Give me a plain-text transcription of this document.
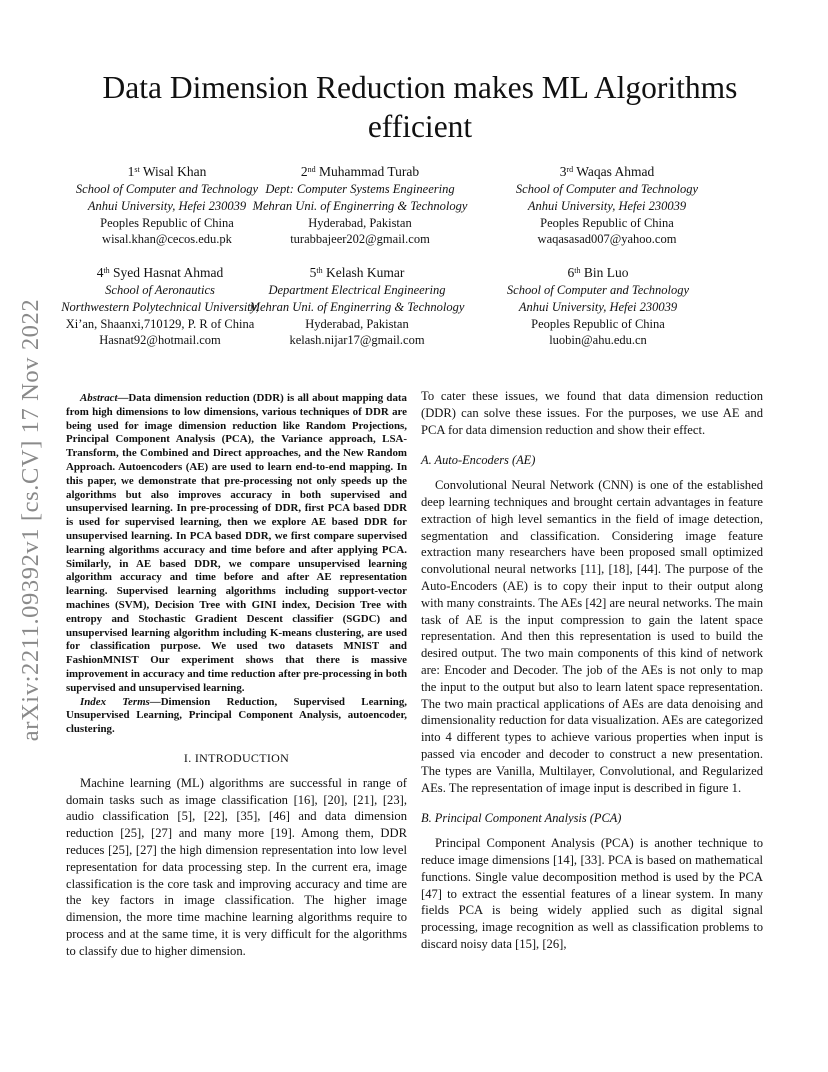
arXiv:2211.09392v1 [cs.CV] 17 Nov 2022
Data Dimension Reduction makes ML Algorithms
efficient
1st Wisal Khan
School of Computer and Technology
Anhui University, Hefei 230039
Peoples Republic of China
wisal.khan@cecos.edu.pk
2nd Muhammad Turab
Dept: Computer Systems Engineering
Mehran Uni. of Enginerring & Technology
Hyderabad, Pakistan
turabbajeer202@gmail.com
3rd Waqas Ahmad
School of Computer and Technology
Anhui University, Hefei 230039
Peoples Republic of China
waqasasad007@yahoo.com
4th Syed Hasnat Ahmad
School of Aeronautics
Northwestern Polytechnical University,
Xi’an, Shaanxi,710129, P. R of China
Hasnat92@hotmail.com
5th Kelash Kumar
Department Electrical Engineering
Mehran Uni. of Enginerring & Technology
Hyderabad, Pakistan
kelash.nijar17@gmail.com
6th Bin Luo
School of Computer and Technology
Anhui University, Hefei 230039
Peoples Republic of China
luobin@ahu.edu.cn

Abstract—Data dimension reduction (DDR) is all about mapping data from high dimensions to low dimensions, various techniques of DDR are being used for image dimension reduction like Random Projections, Principal Component Analysis (PCA), the Variance approach, LSA-Transform, the Combined and Direct approaches, and the New Random Approach. Autoencoders (AE) are used to learn end-to-end mapping. In this paper, we demonstrate that pre-processing not only speeds up the algorithms but also improves accuracy in both supervised and unsupervised learning. In pre-processing of DDR, first PCA based DDR is used for supervised learning, then we explore AE based DDR for unsupervised learning. In PCA based DDR, we first compare supervised learning algorithms accuracy and time before and after applying PCA. Similarly, in AE based DDR, we compare unsupervised learning algorithm accuracy and time before and after AE representation learning. Supervised learning algorithms including support-vector machines (SVM), Decision Tree with GINI index, Decision Tree with entropy and Stochastic Gradient Descent classifier (SGDC) and unsupervised learning algorithm including K-means clustering, are used for classification purpose. We used two datasets MNIST and FashionMNIST Our experiment shows that there is massive improvement in accuracy and time reduction after pre-processing in both supervised and unsupervised learning.

Index Terms—Dimension Reduction, Supervised Learning, Unsupervised Learning, Principal Component Analysis, autoencoder, clustering.

I. INTRODUCTION

Machine learning (ML) algorithms are successful in range of domain tasks such as image classification [16], [20], [21], [23], audio classification [5], [22], [35], [46] and data dimension reduction [25], [27] and many more [19]. Among them, DDR reduces [25], [27] the high dimension representation into low level representation for data processing step. In the current era, image classification is the core task and improving accuracy and time are the key factors in image classification. The higher image dimension, the more time machine learning algorithms require to process and at the same time, it is very difficult for the algorithms to classify due to higher dimension.

To cater these issues, we found that data dimension reduction (DDR) can solve these issues. For the purposes, we use AE and PCA for data dimension reduction and show their effect.

A. Auto-Encoders (AE)

Convolutional Neural Network (CNN) is one of the established deep learning techniques and brought certain advantages in feature extraction of high level semantics in the field of image detection, segmentation and classification. Considering image feature extraction many researchers have been proposed small optimized convolutional neural networks [11], [18], [44]. The purpose of the Auto-Encoders (AE) is to copy their input to their output along with many constraints. The AEs [42] are neural networks. The main task of AE is the input compression to gain the latent space representation. And then this representation is used to build the desired output. The two main components of this kind of network are: Encoder and Decoder. The job of the AEs is not only to map the input to the output but also to learn latent space representation. The two main practical applications of AEs are data denoising and dimensionality reduction for data visualization. AEs are categorized into 4 different types to achieve various properties when input is passed via encoder and decoder to construct a new presentation. The types are Vanilla, Multilayer, Convolutional, and Regularized AEs. The representation of image input is described in figure 1.

B. Principal Component Analysis (PCA)

Principal Component Analysis (PCA) is another technique to reduce image dimensions [14], [33]. PCA is based on mathematical functions. Single value decomposition method is used by the PCA [47] to extract the essential features of a linear system. In many fields PCA is being widely applied such as digital signal processing, image recognition as well as classification problems to discard noisy data [15], [26],
